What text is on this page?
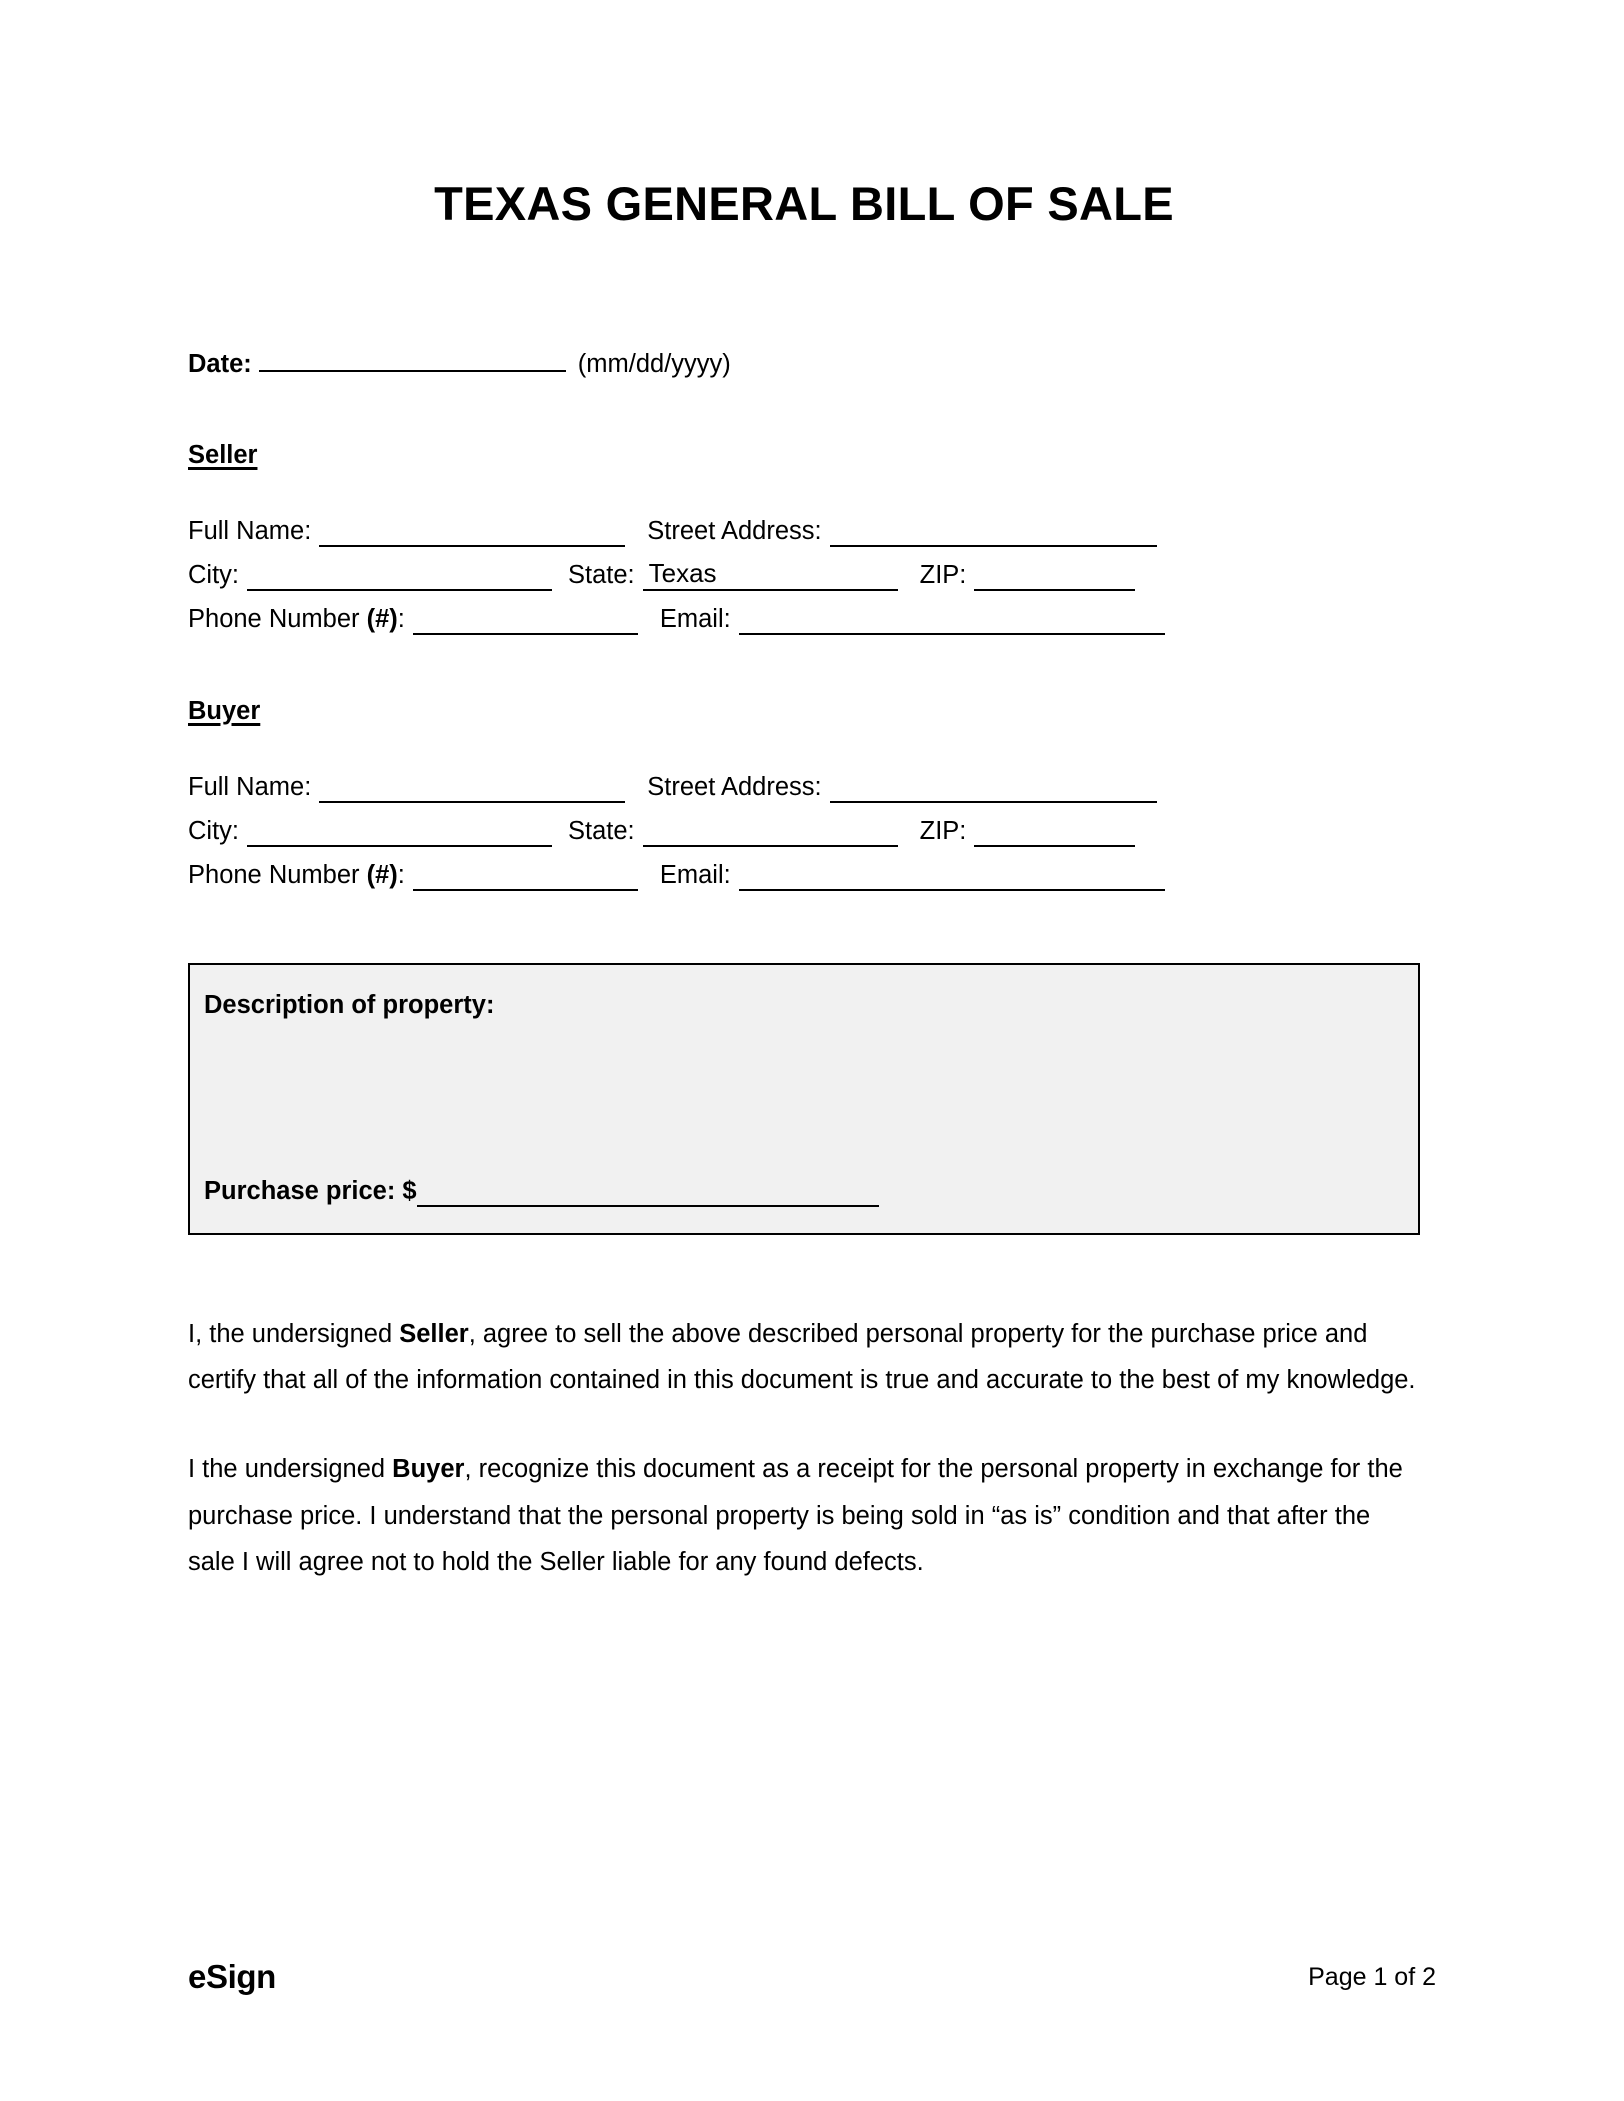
TEXAS GENERAL BILL OF SALE
Date:	(mm/dd/yyyy)
Seller
Full Name:	Street Address:
City:	State: Texas	ZIP:
Phone Number (#):	Email:
Buyer
Full Name:	Street Address:
City:	State:	ZIP:
Phone Number (#):	Email:
Description of property:
Purchase price: $

I, the undersigned Seller, agree to sell the above described personal property for the purchase price and certify that all of the information contained in this document is true and accurate to the best of my knowledge.

I the undersigned Buyer, recognize this document as a receipt for the personal property in exchange for the purchase price. I understand that the personal property is being sold in “as is” condition and that after the sale I will agree not to hold the Seller liable for any found defects.

eSign	Page 1 of 2
